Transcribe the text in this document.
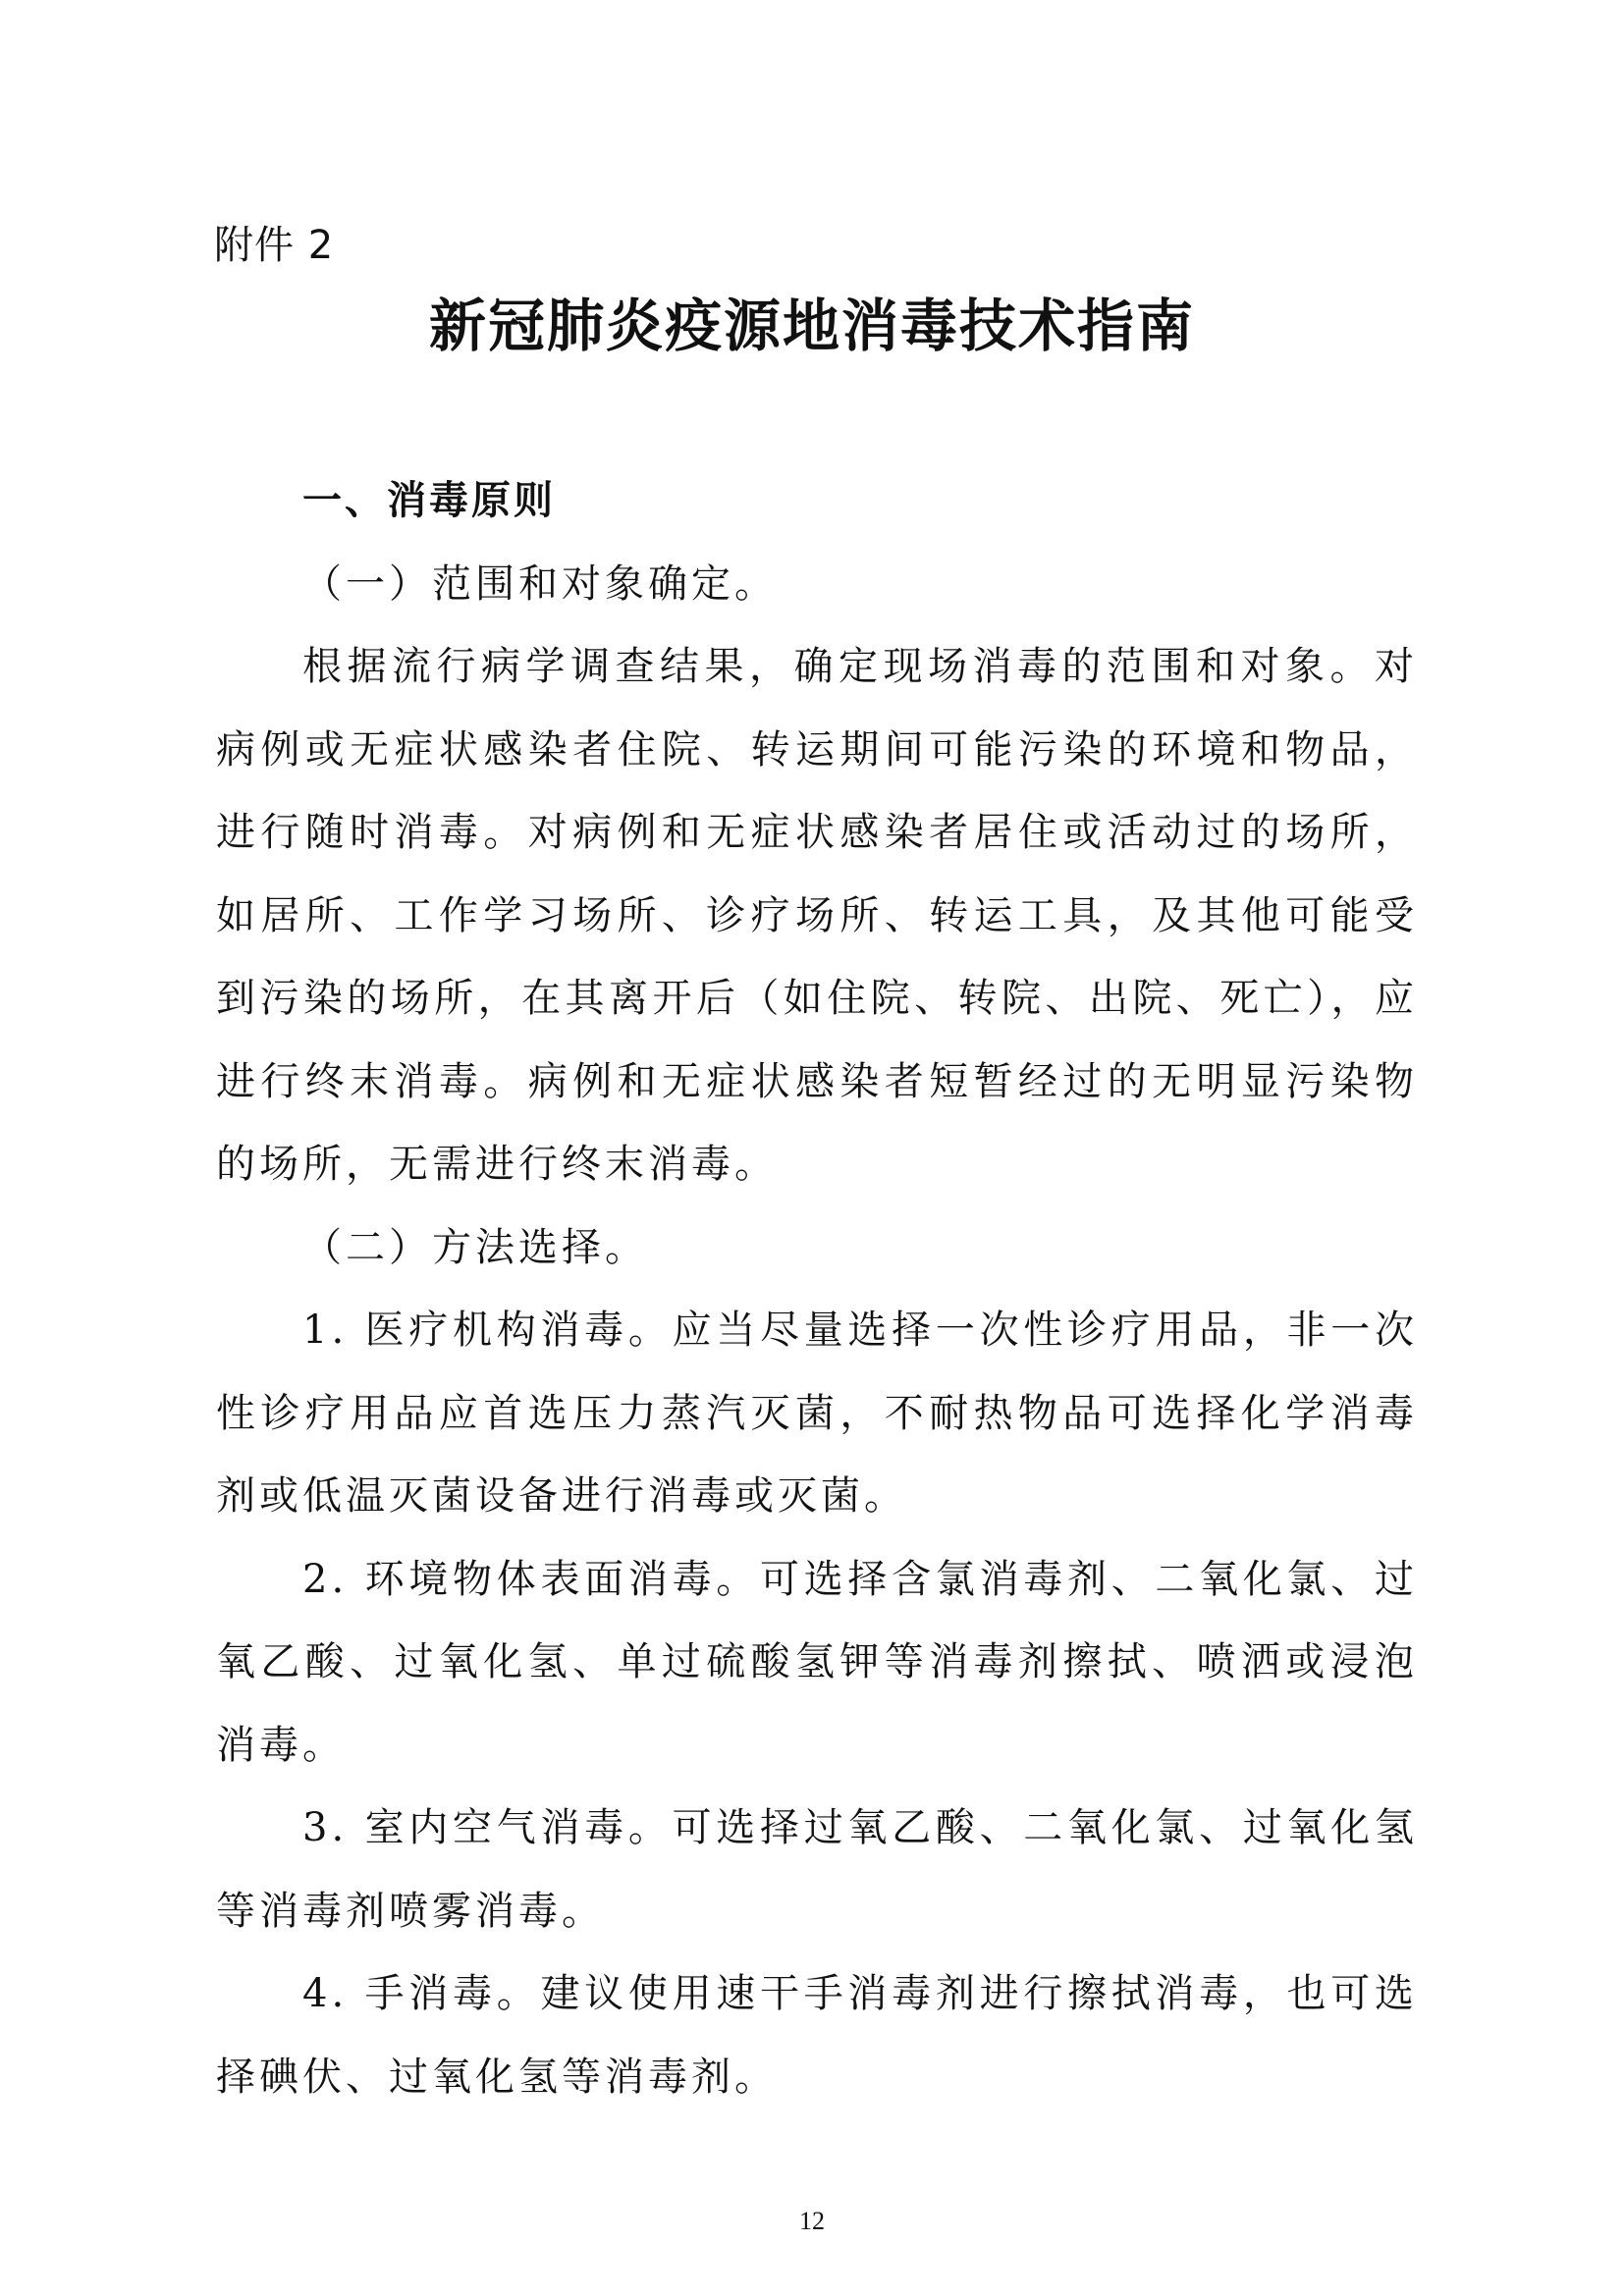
附件 2
新冠肺炎疫源地消毒技术指南

一、消毒原则

（一）范围和对象确定。

根据流行病学调查结果，确定现场消毒的范围和对象。对病例或无症状感染者住院、转运期间可能污染的环境和物品，进行随时消毒。对病例和无症状感染者居住或活动过的场所，如居所、工作学习场所、诊疗场所、转运工具，及其他可能受到污染的场所，在其离开后（如住院、转院、出院、死亡），应进行终末消毒。病例和无症状感染者短暂经过的无明显污染物的场所，无需进行终末消毒。

（二）方法选择。

1. 医疗机构消毒。应当尽量选择一次性诊疗用品，非一次性诊疗用品应首选压力蒸汽灭菌，不耐热物品可选择化学消毒剂或低温灭菌设备进行消毒或灭菌。

2. 环境物体表面消毒。可选择含氯消毒剂、二氧化氯、过氧乙酸、过氧化氢、单过硫酸氢钾等消毒剂擦拭、喷洒或浸泡消毒。

3. 室内空气消毒。可选择过氧乙酸、二氧化氯、过氧化氢等消毒剂喷雾消毒。

4. 手消毒。建议使用速干手消毒剂进行擦拭消毒，也可选择碘伏、过氧化氢等消毒剂。

12
